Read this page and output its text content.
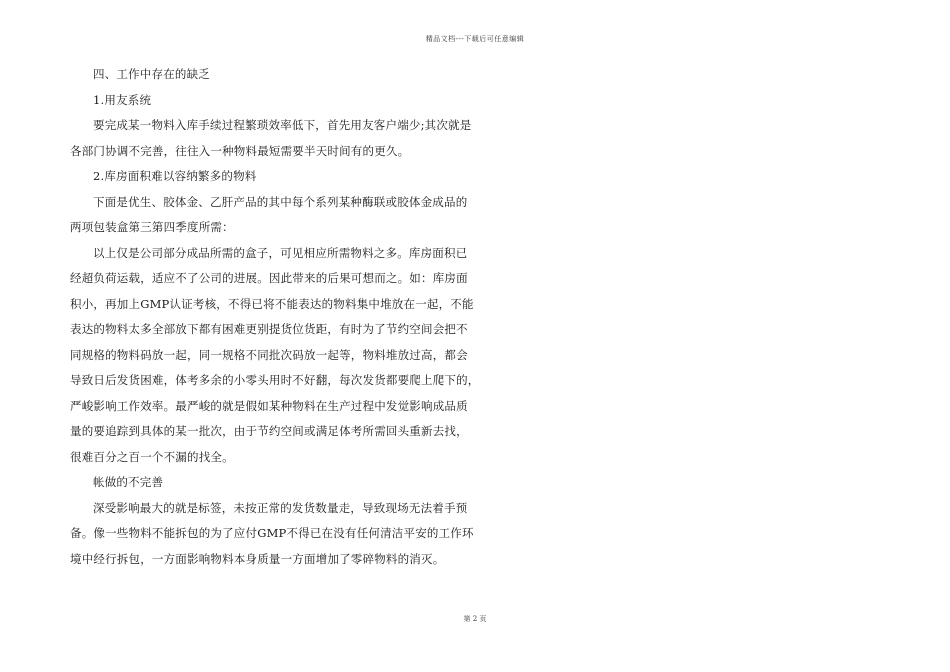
精品文档---下载后可任意编辑
四、工作中存在的缺乏
1.用友系统
要完成某一物料入库手续过程繁琐效率低下，首先用友客户端少;其次就是
各部门协调不完善，往往入一种物料最短需要半天时间有的更久。
2.库房面积难以容纳繁多的物料
下面是优生、胶体金、乙肝产品的其中每个系列某种酶联或胶体金成品的
两项包装盒第三第四季度所需：
以上仅是公司部分成品所需的盒子，可见相应所需物料之多。库房面积已
经超负荷运载，适应不了公司的进展。因此带来的后果可想而之。如：库房面
积小，再加上GMP认证考核，不得已将不能表达的物料集中堆放在一起，不能
表达的物料太多全部放下都有困难更别提货位货距，有时为了节约空间会把不
同规格的物料码放一起，同一规格不同批次码放一起等，物料堆放过高，都会
导致日后发货困难，体考多余的小零头用时不好翻，每次发货都要爬上爬下的，
严峻影响工作效率。最严峻的就是假如某种物料在生产过程中发觉影响成品质
量的要追踪到具体的某一批次，由于节约空间或满足体考所需回头重新去找，
很难百分之百一个不漏的找全。
帐做的不完善
深受影响最大的就是标签，未按正常的发货数量走，导致现场无法着手预
备。像一些物料不能拆包的为了应付GMP不得已在没有任何清洁平安的工作环
境中经行拆包，一方面影响物料本身质量一方面增加了零碎物料的消灭。
第 2 页
